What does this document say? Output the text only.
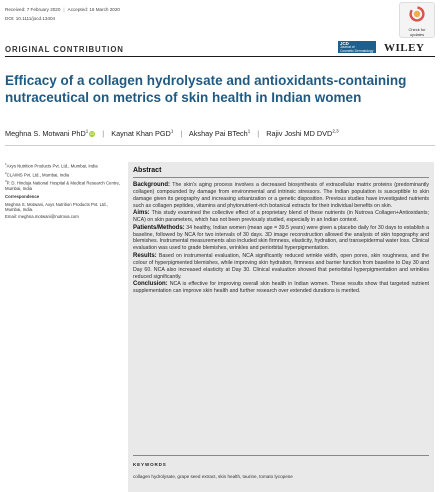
Received: 7 February 2020 | Accepted: 16 March 2020
DOI: 10.1111/jocd.13404
Check for
updates
ORIGINAL CONTRIBUTION
JCD
Journal of
Cosmetic Dermatology WILEY
Efficacy of a collagen hydrolysate and antioxidants-containing nutraceutical on metrics of skin health in Indian women
Meghna S. Motwani PhD$^1$ iD | Kaynat Khan PGD$^1$ | Akshay Pai BTech$^1$ | Rajiv Joshi MD DVD$^{2,3}$

$^1$Axys Nutrition Products Pvt. Ltd., Mumbai, India

$^2$CLAIMS Pvt. Ltd., Mumbai, India

$^3$P. D. Hinduja National Hospital & Medical Research Centre, Mumbai, India

Correspondence

Meghna S. Motwani, Axys Nutrition Products Pvt. Ltd., Mumbai, India.

Email: meghna.motwani@nutrova.com

Abstract

Background: The skin's aging process involves a decreased biosynthesis of extracellular matrix proteins (predominantly collagen) compounded by damage from environmental and intrinsic stressors. The Indian population is susceptible to skin damage given its geography and increasing urbanization or a genetic disposition. Previous studies have investigated nutrients such as collagen peptides, vitamins and phytonutrient-rich botanical extracts for their individual benefits on skin.

Aims: This study examined the collective effect of a proprietary blend of these nutrients (in Nutrova Collagen+Antioxidants; NCA) on skin parameters, which has not been previously studied, especially in an Indian context.

Patients/Methods: 34 healthy, Indian women (mean age = 39.5 years) were given a placebo daily for 30 days to establish a baseline, followed by NCA for two intervals of 30 days. 3D image reconstruction allowed the analysis of skin topography and blemishes. Instrumental measurements also included skin firmness, elasticity, hydration, and transepidermal water loss. Clinical evaluation was used to grade blemishes, wrinkles and periorbital hyperpigmentation.

Results: Based on instrumental evaluation, NCA significantly reduced wrinkle width, open pores, skin roughness, and the colour of hyperpigmented blemishes, while improving skin hydration, firmness and barrier function from baseline to Day 30 and Day 60. NCA also increased elasticity at Day 30. Clinical evaluation showed that periorbital hyperpigmentation and wrinkles reduced significantly.

Conclusion: NCA is effective for improving overall skin health in Indian women. These results show that targeted nutrient supplementation can improve skin health and further research over extended durations is merited.

KEYWORDS
collagen hydrolysate, grape seed extract, skin health, taurine, tomato lycopene
